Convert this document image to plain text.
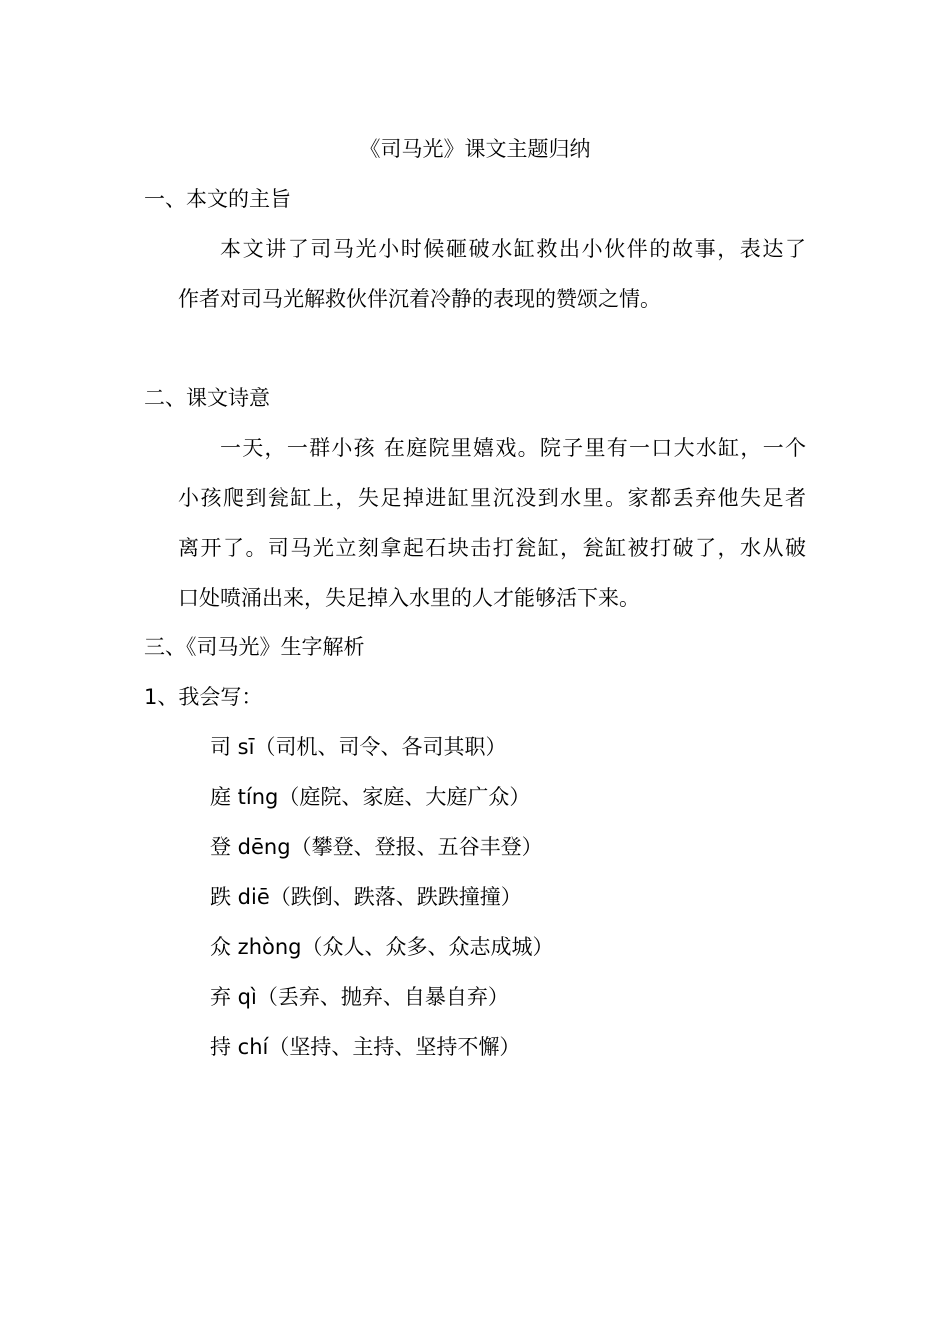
《司马光》课文主题归纳
一、本文的主旨
本文讲了司马光小时候砸破水缸救出小伙伴的故事，表达了
作者对司马光解救伙伴沉着冷静的表现的赞颂之情。
二、课文诗意
一天，一群小孩 在庭院里嬉戏。院子里有一口大水缸，一个
小孩爬到瓮缸上，失足掉进缸里沉没到水里。家都丢弃他失足者
离开了。司马光立刻拿起石块击打瓮缸，瓮缸被打破了，水从破
口处喷涌出来，失足掉入水里的人才能够活下来。
三、《司马光》生字解析
1、我会写：
司 sī（司机、司令、各司其职）
庭 tíng（庭院、家庭、大庭广众）
登 dēng（攀登、登报、五谷丰登）
跌 diē（跌倒、跌落、跌跌撞撞）
众 zhòng（众人、众多、众志成城）
弃 qì（丢弃、抛弃、自暴自弃）
持 chí（坚持、主持、坚持不懈）
